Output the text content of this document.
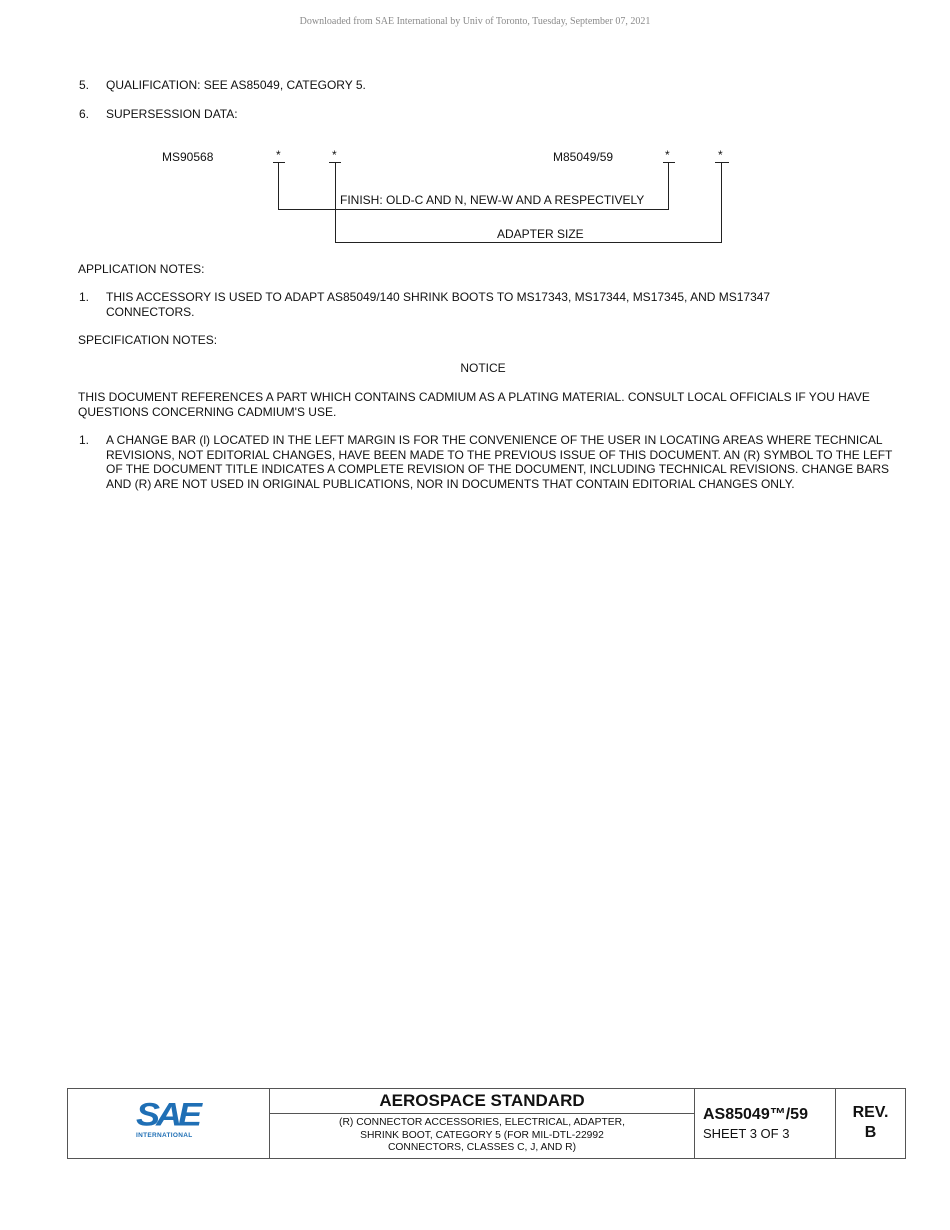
Downloaded from SAE International by Univ of Toronto, Tuesday, September 07, 2021
5. QUALIFICATION: SEE AS85049, CATEGORY 5.
6. SUPERSESSION DATA:
MS90568	*	*	M85049/59	*	*
FINISH: OLD-C AND N, NEW-W AND A RESPECTIVELY
ADAPTER SIZE
APPLICATION NOTES:
1. THIS ACCESSORY IS USED TO ADAPT AS85049/140 SHRINK BOOTS TO MS17343, MS17344, MS17345, AND MS17347 CONNECTORS.
SPECIFICATION NOTES:
NOTICE
THIS DOCUMENT REFERENCES A PART WHICH CONTAINS CADMIUM AS A PLATING MATERIAL. CONSULT LOCAL OFFICIALS IF YOU HAVE QUESTIONS CONCERNING CADMIUM'S USE.
1. A CHANGE BAR (l) LOCATED IN THE LEFT MARGIN IS FOR THE CONVENIENCE OF THE USER IN LOCATING AREAS WHERE TECHNICAL REVISIONS, NOT EDITORIAL CHANGES, HAVE BEEN MADE TO THE PREVIOUS ISSUE OF THIS DOCUMENT. AN (R) SYMBOL TO THE LEFT OF THE DOCUMENT TITLE INDICATES A COMPLETE REVISION OF THE DOCUMENT, INCLUDING TECHNICAL REVISIONS. CHANGE BARS AND (R) ARE NOT USED IN ORIGINAL PUBLICATIONS, NOR IN DOCUMENTS THAT CONTAIN EDITORIAL CHANGES ONLY.
SAE
INTERNATIONAL
AEROSPACE STANDARD
(R) CONNECTOR ACCESSORIES, ELECTRICAL, ADAPTER,
SHRINK BOOT, CATEGORY 5 (FOR MIL-DTL-22992
CONNECTORS, CLASSES C, J, AND R)
AS85049™/59
SHEET 3 OF 3
REV.
B
